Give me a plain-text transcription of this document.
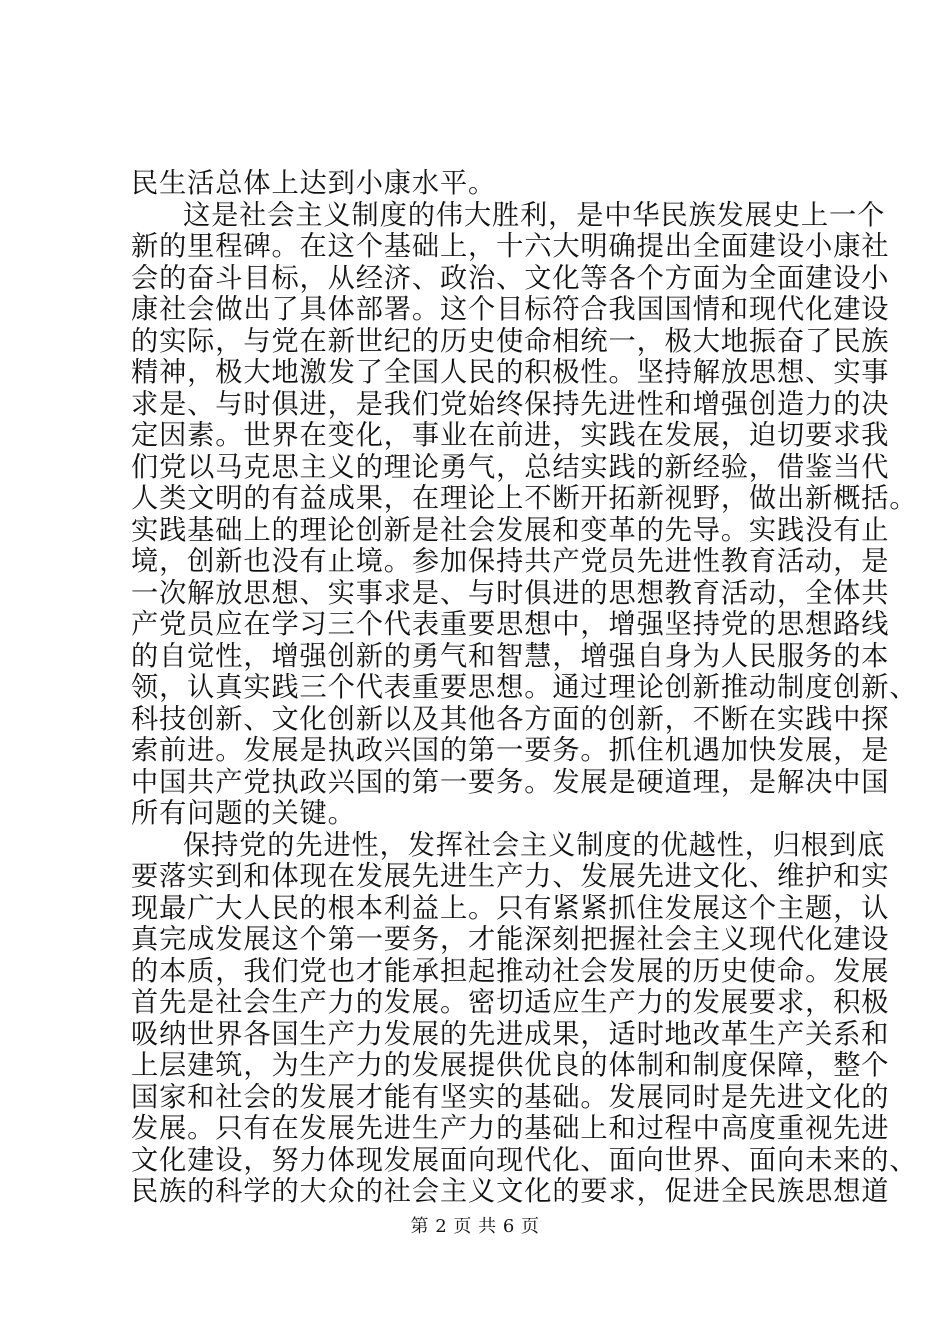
民生活总体上达到小康水平。
这是社会主义制度的伟大胜利，是中华民族发展史上一个
新的里程碑。在这个基础上，十六大明确提出全面建设小康社
会的奋斗目标，从经济、政治、文化等各个方面为全面建设小
康社会做出了具体部署。这个目标符合我国国情和现代化建设
的实际，与党在新世纪的历史使命相统一，极大地振奋了民族
精神，极大地激发了全国人民的积极性。坚持解放思想、实事
求是、与时俱进，是我们党始终保持先进性和增强创造力的决
定因素。世界在变化，事业在前进，实践在发展，迫切要求我
们党以马克思主义的理论勇气，总结实践的新经验，借鉴当代
人类文明的有益成果，在理论上不断开拓新视野，做出新概括。
实践基础上的理论创新是社会发展和变革的先导。实践没有止
境，创新也没有止境。参加保持共产党员先进性教育活动，是
一次解放思想、实事求是、与时俱进的思想教育活动，全体共
产党员应在学习三个代表重要思想中，增强坚持党的思想路线
的自觉性，增强创新的勇气和智慧，增强自身为人民服务的本
领，认真实践三个代表重要思想。通过理论创新推动制度创新、
科技创新、文化创新以及其他各方面的创新，不断在实践中探
索前进。发展是执政兴国的第一要务。抓住机遇加快发展，是
中国共产党执政兴国的第一要务。发展是硬道理，是解决中国
所有问题的关键。
保持党的先进性，发挥社会主义制度的优越性，归根到底
要落实到和体现在发展先进生产力、发展先进文化、维护和实
现最广大人民的根本利益上。只有紧紧抓住发展这个主题，认
真完成发展这个第一要务，才能深刻把握社会主义现代化建设
的本质，我们党也才能承担起推动社会发展的历史使命。发展
首先是社会生产力的发展。密切适应生产力的发展要求，积极
吸纳世界各国生产力发展的先进成果，适时地改革生产关系和
上层建筑，为生产力的发展提供优良的体制和制度保障，整个
国家和社会的发展才能有坚实的基础。发展同时是先进文化的
发展。只有在发展先进生产力的基础上和过程中高度重视先进
文化建设，努力体现发展面向现代化、面向世界、面向未来的、
民族的科学的大众的社会主义文化的要求，促进全民族思想道
第 2 页 共 6 页
